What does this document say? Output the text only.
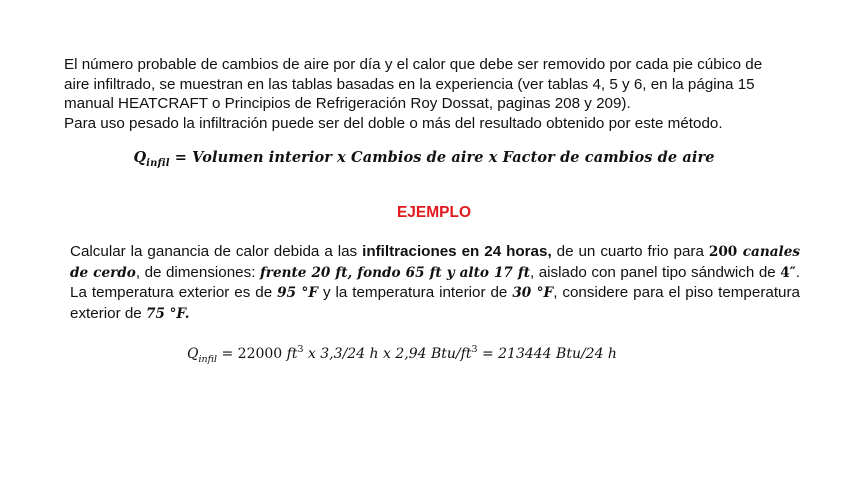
El número probable de cambios de aire por día y el calor que debe ser removido por cada pie cúbico de
aire infiltrado, se muestran en las tablas basadas en la experiencia (ver tablas 4, 5 y 6, en la página 15
manual HEATCRAFT o Principios de Refrigeración Roy Dossat, paginas 208 y 209).
Para uso pesado la infiltración puede ser del doble o más del resultado obtenido por este método.
$Q_{infil}$ = Volumen interior x Cambios de aire x Factor de cambios de aire
EJEMPLO
Calcular la ganancia de calor debida a las infiltraciones en 24 horas, de un cuarto frio para 200 canales de cerdo, de dimensiones: frente 20 ft, fondo 65 ft y alto 17 ft, aislado con panel tipo sándwich de 4″. La temperatura exterior es de 95 °F y la temperatura interior de 30 °F, considere para el piso temperatura exterior de 75 °F.
$Q_{infil} = 22000$ $ft^3$ x 3,3/24 h x 2,94 Btu/$ft^3 = 213444$ Btu/24 h
